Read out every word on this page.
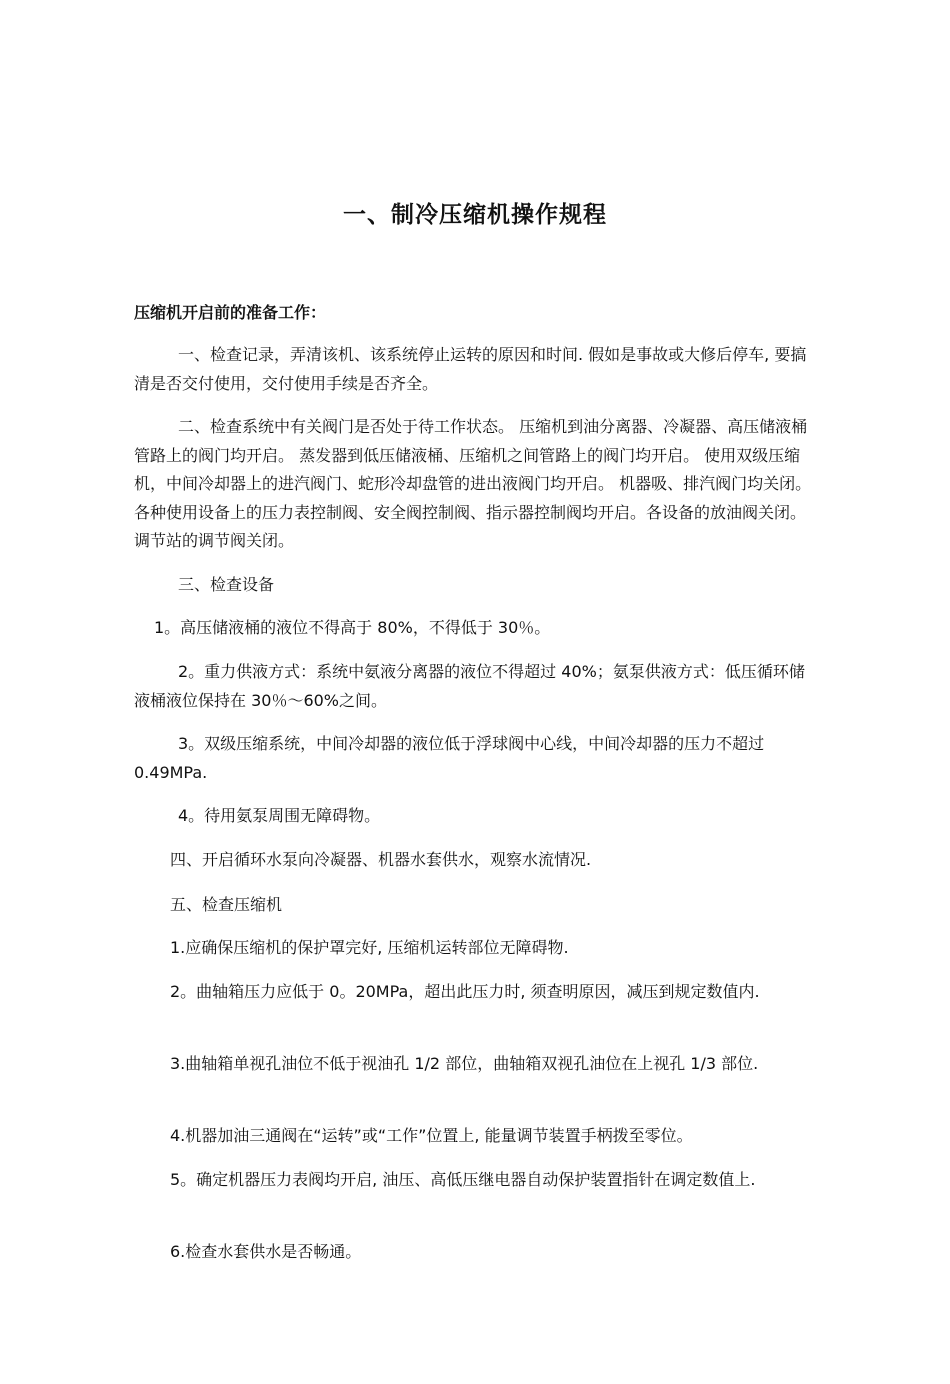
一、制冷压缩机操作规程
压缩机开启前的准备工作：

一、检查记录，弄清该机、该系统停止运转的原因和时间. 假如是事故或大修后停车, 要搞清是否交付使用，交付使用手续是否齐全。

二、检查系统中有关阀门是否处于待工作状态。 压缩机到油分离器、冷凝器、高压储液桶管路上的阀门均开启。 蒸发器到低压储液桶、压缩机之间管路上的阀门均开启。 使用双级压缩机，中间冷却器上的进汽阀门、蛇形冷却盘管的进出液阀门均开启。 机器吸、排汽阀门均关闭。 各种使用设备上的压力表控制阀、安全阀控制阀、指示器控制阀均开启。各设备的放油阀关闭。 调节站的调节阀关闭。

三、检查设备

1。高压储液桶的液位不得高于 80%，不得低于 30％。

2。重力供液方式：系统中氨液分离器的液位不得超过 40%；氨泵供液方式：低压循环储液桶液位保持在 30％～60%之间。

3。双级压缩系统，中间冷却器的液位低于浮球阀中心线，中间冷却器的压力不超过 0.49MPa.

4。待用氨泵周围无障碍物。

四、开启循环水泵向冷凝器、机器水套供水，观察水流情况.

五、检查压缩机

1.应确保压缩机的保护罩完好, 压缩机运转部位无障碍物.

2。曲轴箱压力应低于 0。20MPa，超出此压力时, 须查明原因，减压到规定数值内.

3.曲轴箱单视孔油位不低于视油孔 1/2 部位，曲轴箱双视孔油位在上视孔 1/3 部位.

4.机器加油三通阀在“运转”或“工作”位置上, 能量调节装置手柄拨至零位。

5。确定机器压力表阀均开启, 油压、高低压继电器自动保护装置指针在调定数值上.

6.检查水套供水是否畅通。
